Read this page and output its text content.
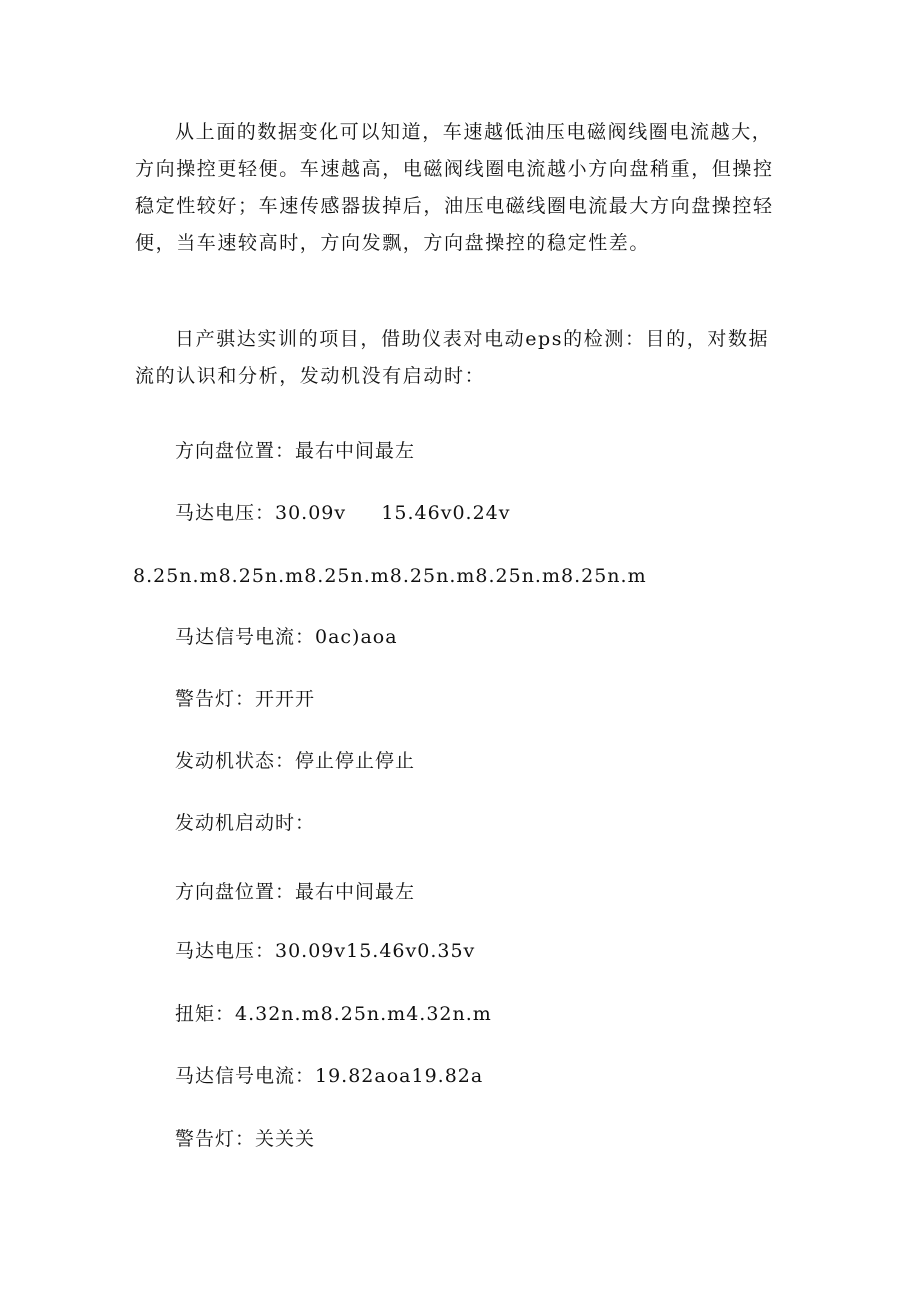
从上面的数据变化可以知道，车速越低油压电磁阀线圈电流越大，方向操控更轻便。车速越高，电磁阀线圈电流越小方向盘稍重，但操控稳定性较好；车速传感器拔掉后，油压电磁线圈电流最大方向盘操控轻便，当车速较高时，方向发飘，方向盘操控的稳定性差。

日产骐达实训的项目，借助仪表对电动eps的检测：目的，对数据流的认识和分析，发动机没有启动时：

方向盘位置：最右中间最左
马达电压：30.09v     15.46v0.24v
8.25n.m8.25n.m8.25n.m8.25n.m8.25n.m8.25n.m
马达信号电流：0ac)aoa
警告灯：开开开
发动机状态：停止停止停止
发动机启动时：
方向盘位置：最右中间最左
马达电压：30.09v15.46v0.35v
扭矩：4.32n.m8.25n.m4.32n.m
马达信号电流：19.82aoa19.82a
警告灯：关关关
